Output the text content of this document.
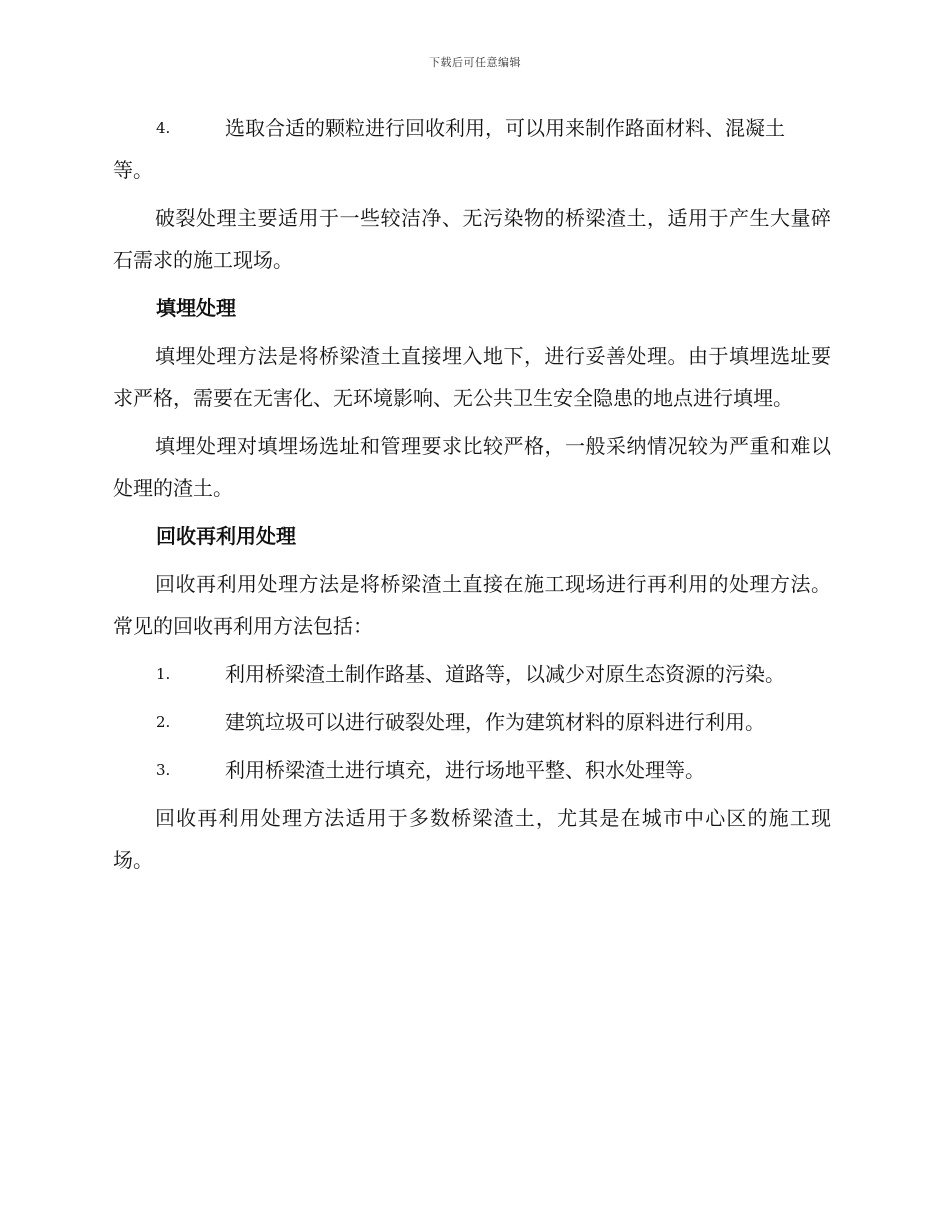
下载后可任意编辑
4.	选取合适的颗粒进行回收利用，可以用来制作路面材料、混凝土
等。

破裂处理主要适用于一些较洁净、无污染物的桥梁渣土，适用于产生大量碎石需求的施工现场。

填埋处理

填埋处理方法是将桥梁渣土直接埋入地下，进行妥善处理。由于填埋选址要求严格，需要在无害化、无环境影响、无公共卫生安全隐患的地点进行填埋。

填埋处理对填埋场选址和管理要求比较严格，一般采纳情况较为严重和难以处理的渣土。

回收再利用处理

回收再利用处理方法是将桥梁渣土直接在施工现场进行再利用的处理方法。常见的回收再利用方法包括：

1.	利用桥梁渣土制作路基、道路等，以减少对原生态资源的污染。
2.	建筑垃圾可以进行破裂处理，作为建筑材料的原料进行利用。
3.	利用桥梁渣土进行填充，进行场地平整、积水处理等。

回收再利用处理方法适用于多数桥梁渣土，尤其是在城市中心区的施工现场。
